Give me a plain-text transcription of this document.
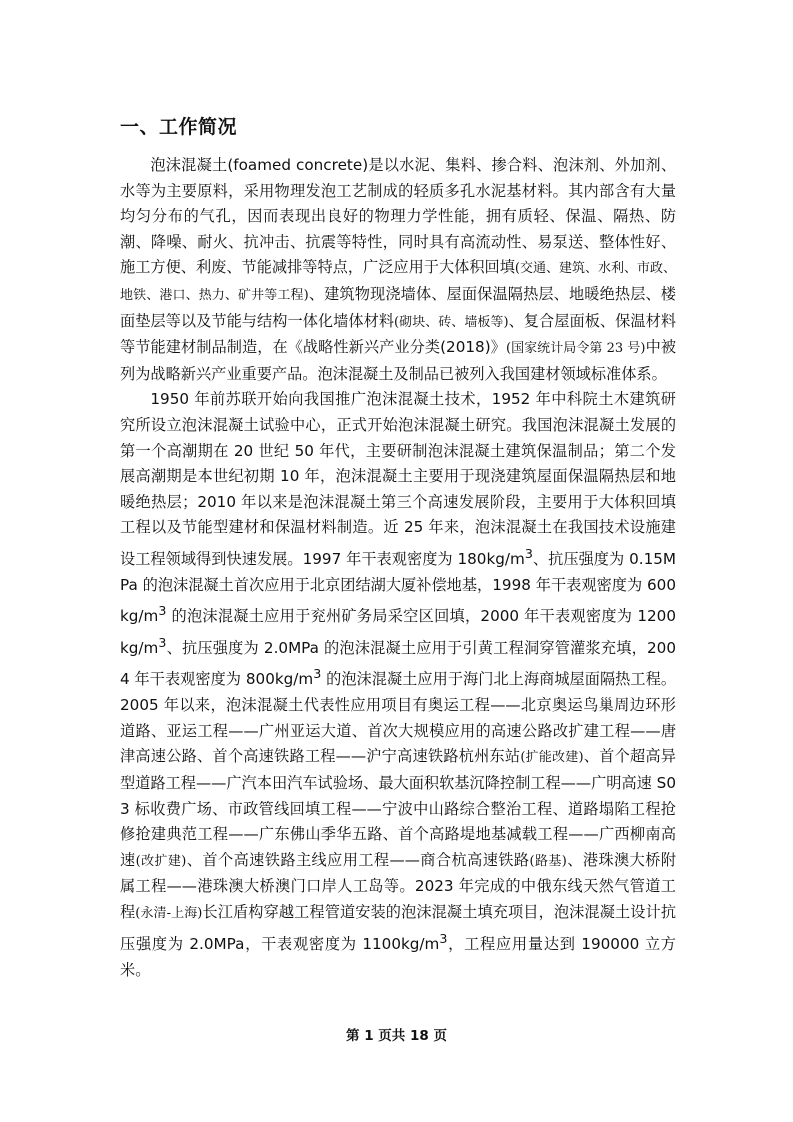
一、工作简况

泡沫混凝土(foamed concrete)是以水泥、集料、掺合料、泡沫剂、外加剂、水等为主要原料，采用物理发泡工艺制成的轻质多孔水泥基材料。其内部含有大量均匀分布的气孔，因而表现出良好的物理力学性能，拥有质轻、保温、隔热、防潮、降噪、耐火、抗冲击、抗震等特性，同时具有高流动性、易泵送、整体性好、施工方便、利废、节能减排等特点，广泛应用于大体积回填(交通、建筑、水利、市政、地铁、港口、热力、矿井等工程)、建筑物现浇墙体、屋面保温隔热层、地暖绝热层、楼面垫层等以及节能与结构一体化墙体材料(砌块、砖、墙板等)、复合屋面板、保温材料等节能建材制品制造，在《战略性新兴产业分类(2018)》(国家统计局令第 23 号)中被列为战略新兴产业重要产品。泡沫混凝土及制品已被列入我国建材领域标准体系。

1950 年前苏联开始向我国推广泡沫混凝土技术，1952 年中科院土木建筑研究所设立泡沫混凝土试验中心，正式开始泡沫混凝土研究。我国泡沫混凝土发展的第一个高潮期在 20 世纪 50 年代，主要研制泡沫混凝土建筑保温制品；第二个发展高潮期是本世纪初期 10 年，泡沫混凝土主要用于现浇建筑屋面保温隔热层和地暖绝热层；2010 年以来是泡沫混凝土第三个高速发展阶段，主要用于大体积回填工程以及节能型建材和保温材料制造。近 25 年来，泡沫混凝土在我国技术设施建设工程领域得到快速发展。1997 年干表观密度为 $180kg/m^3$、抗压强度为 0.15MPa 的泡沫混凝土首次应用于北京团结湖大厦补偿地基，1998 年干表观密度为 $600kg/m^3$ 的泡沫混凝土应用于兖州矿务局采空区回填，2000 年干表观密度为 $1200kg/m^3$、抗压强度为 2.0MPa 的泡沫混凝土应用于引黄工程洞穿管灌浆充填，2004 年干表观密度为 $800kg/m^3$ 的泡沫混凝土应用于海门北上海商城屋面隔热工程。2005 年以来，泡沫混凝土代表性应用项目有奥运工程——北京奥运鸟巢周边环形道路、亚运工程——广州亚运大道、首次大规模应用的高速公路改扩建工程——唐津高速公路、首个高速铁路工程——沪宁高速铁路杭州东站(扩能改建)、首个超高异型道路工程——广汽本田汽车试验场、最大面积软基沉降控制工程——广明高速 S03 标收费广场、市政管线回填工程——宁波中山路综合整治工程、道路塌陷工程抢修抢建典范工程——广东佛山季华五路、首个高路堤地基减载工程——广西柳南高速(改扩建)、首个高速铁路主线应用工程——商合杭高速铁路(路基)、港珠澳大桥附属工程——港珠澳大桥澳门口岸人工岛等。2023 年完成的中俄东线天然气管道工程(永清-上海)长江盾构穿越工程管道安装的泡沫混凝土填充项目，泡沫混凝土设计抗压强度为 2.0MPa，干表观密度为 $1100kg/m^3$，工程应用量达到 190000 立方米。

第 1 页共 18 页
